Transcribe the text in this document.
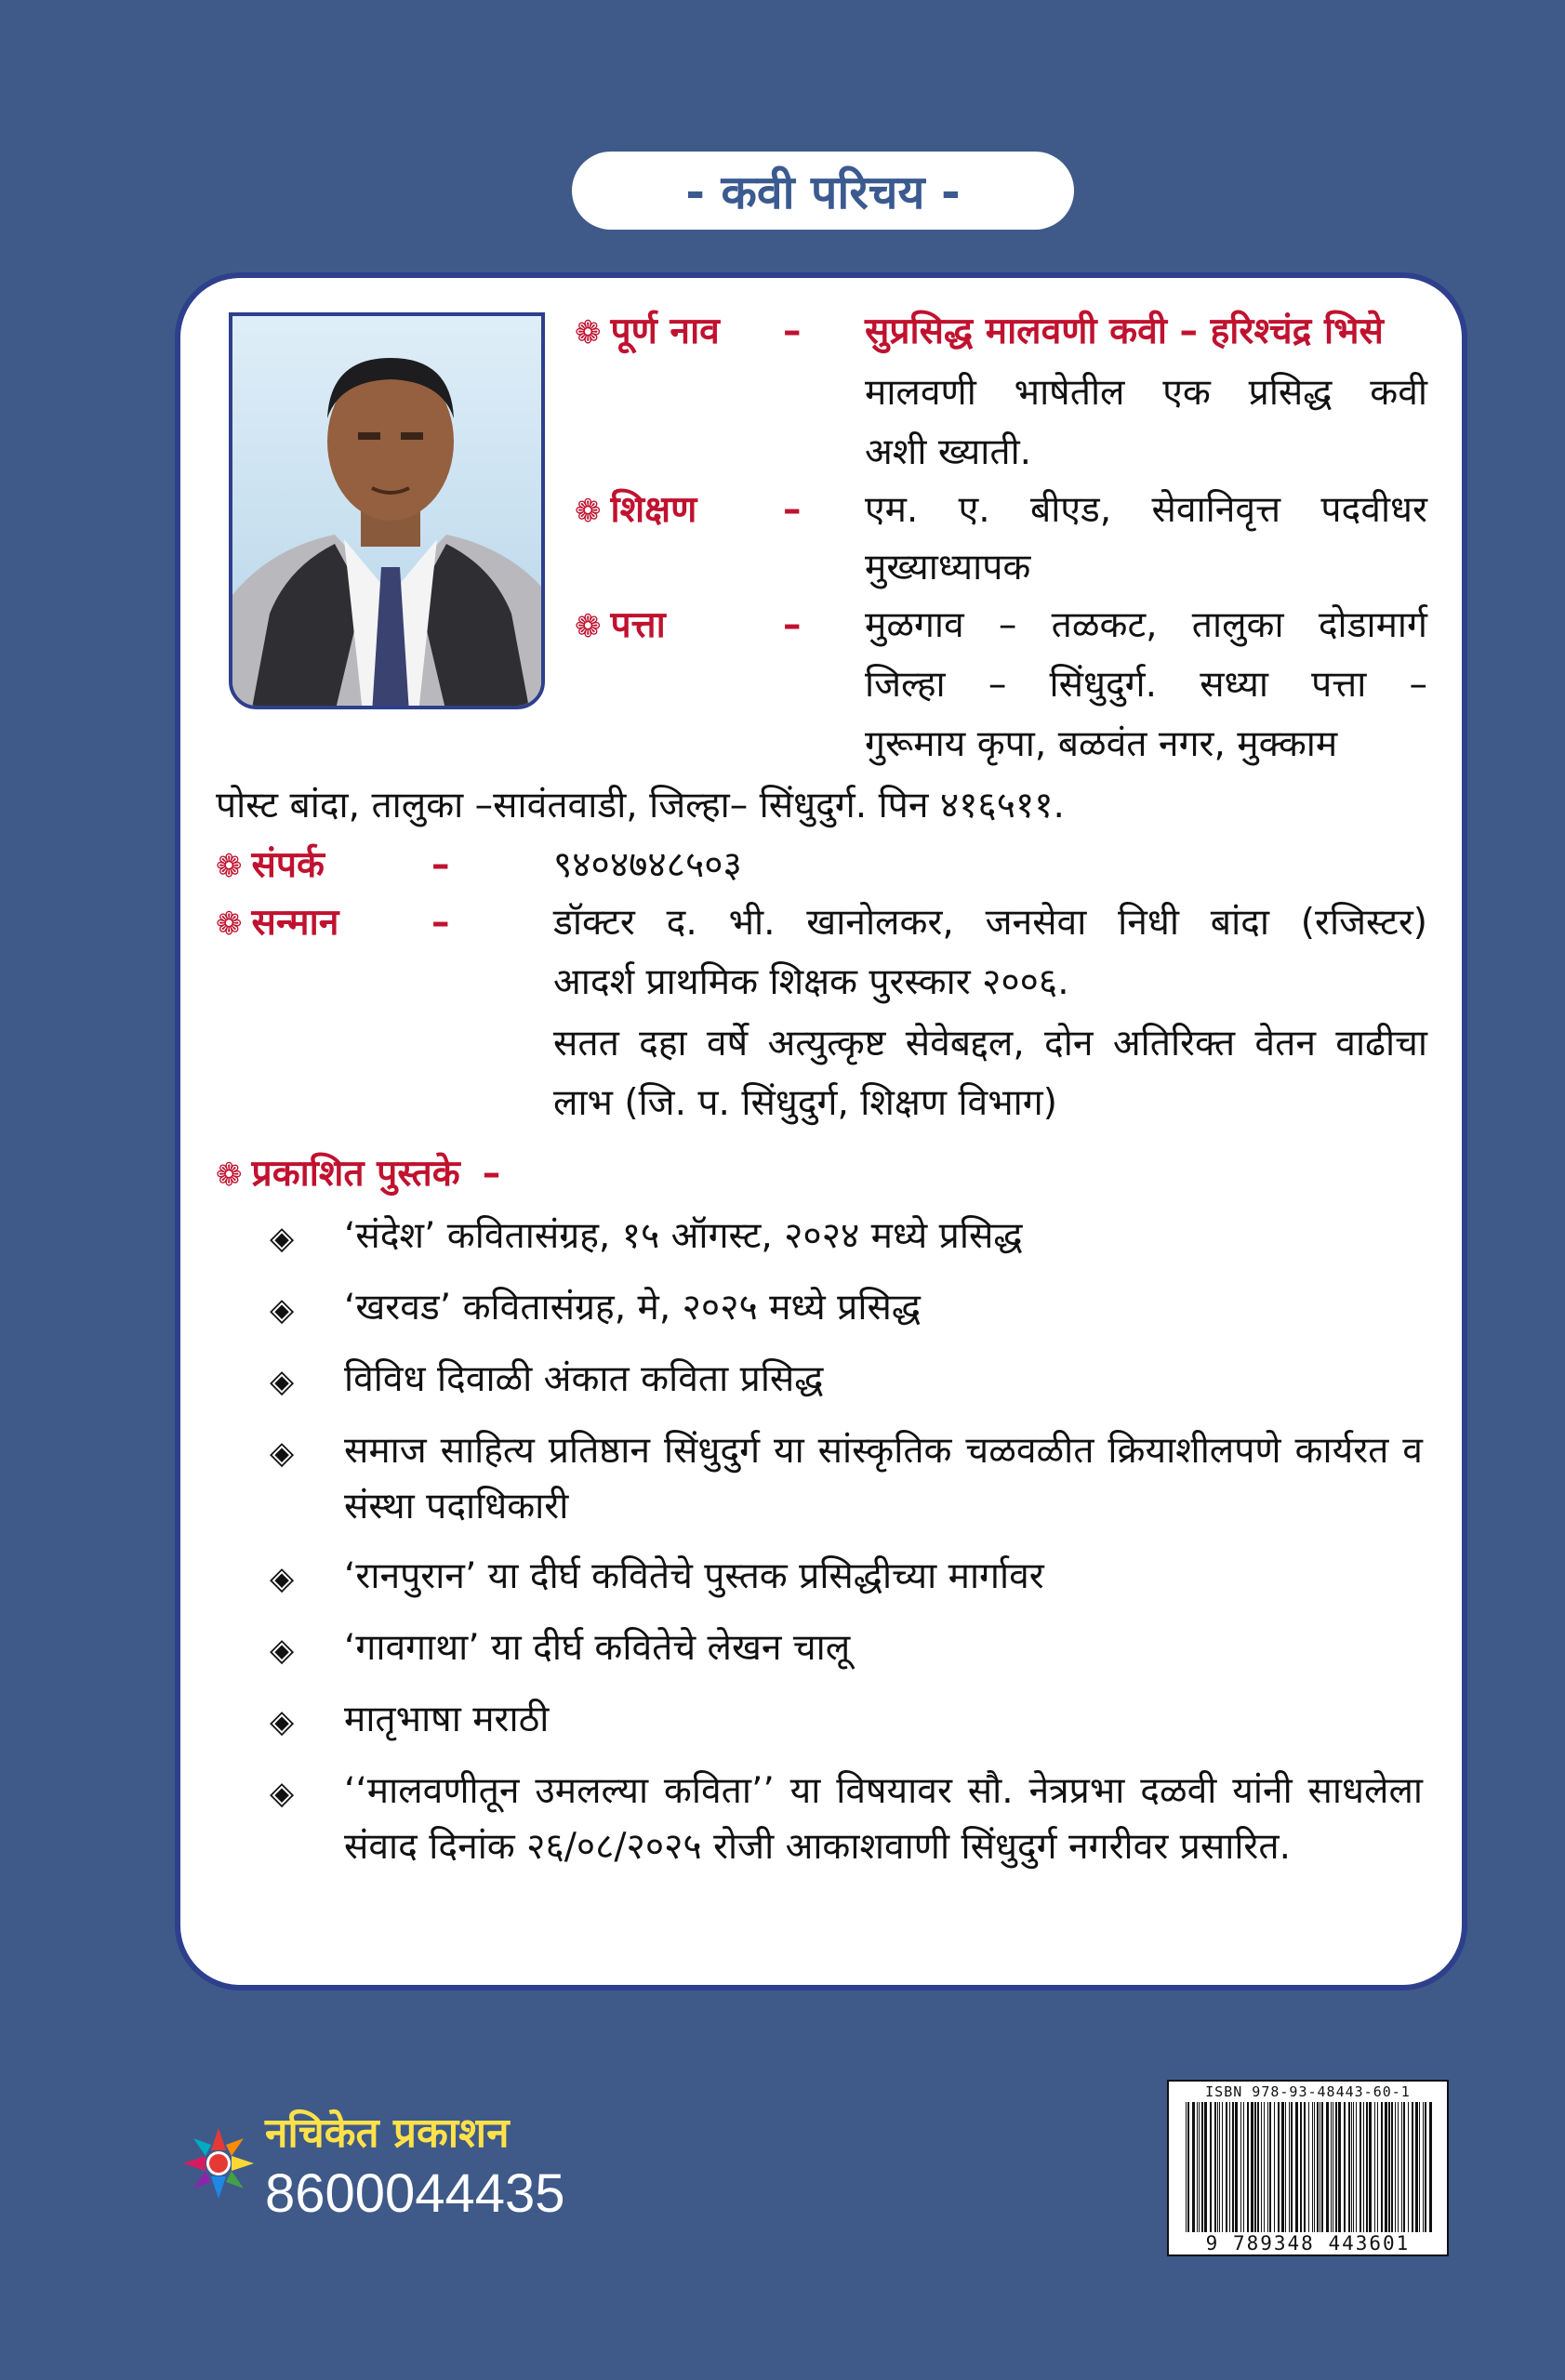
- कवी परिचय -
❁ पूर्ण नाव – सुप्रसिद्ध मालवणी कवी – हरिश्चंद्र भिसे
मालवणी भाषेतील एक प्रसिद्ध कवी
अशी ख्याती.
❁ शिक्षण – एम. ए. बीएड, सेवानिवृत्त पदवीधर
मुख्याध्यापक
❁ पत्ता	– मुळगाव – तळकट, तालुका दोडामार्ग
जिल्हा – सिंधुदुर्ग. सध्या पत्ता –
गुरूमाय कृपा, बळवंत नगर, मुक्काम
पोस्ट बांदा, तालुका –सावंतवाडी, जिल्हा– सिंधुदुर्ग. पिन ४१६५११.
❁ संपर्क	–	९४०४७४८५०३
❁ सन्मान	–	डॉक्टर द. भी. खानोलकर, जनसेवा निधी बांदा (रजिस्टर)
आदर्श प्राथमिक शिक्षक पुरस्कार २००६.
सतत दहा वर्षे अत्युत्कृष्ट सेवेबद्दल, दोन अतिरिक्त वेतन वाढीचा
लाभ (जि. प. सिंधुदुर्ग, शिक्षण विभाग)
❁ प्रकाशित पुस्तके –
◈	‘संदेश’ कवितासंग्रह, १५ ऑगस्ट, २०२४ मध्ये प्रसिद्ध
◈	‘खरवड’ कवितासंग्रह, मे, २०२५ मध्ये प्रसिद्ध
◈	विविध दिवाळी अंकात कविता प्रसिद्ध
◈	समाज साहित्य प्रतिष्ठान सिंधुदुर्ग या सांस्कृतिक चळवळीत क्रियाशीलपणे कार्यरत व संस्था पदाधिकारी
◈	‘रानपुरान’ या दीर्घ कवितेचे पुस्तक प्रसिद्धीच्या मार्गावर
◈	‘गावगाथा’ या दीर्घ कवितेचे लेखन चालू
◈	मातृभाषा मराठी
◈	‘‘मालवणीतून उमलल्या कविता’’ या विषयावर सौ. नेत्रप्रभा दळवी यांनी साधलेला संवाद दिनांक २६/०८/२०२५ रोजी आकाशवाणी सिंधुदुर्ग नगरीवर प्रसारित.
नचिकेत प्रकाशन
8600044435
ISBN 978-93-48443-60-1
9 789348 443601
